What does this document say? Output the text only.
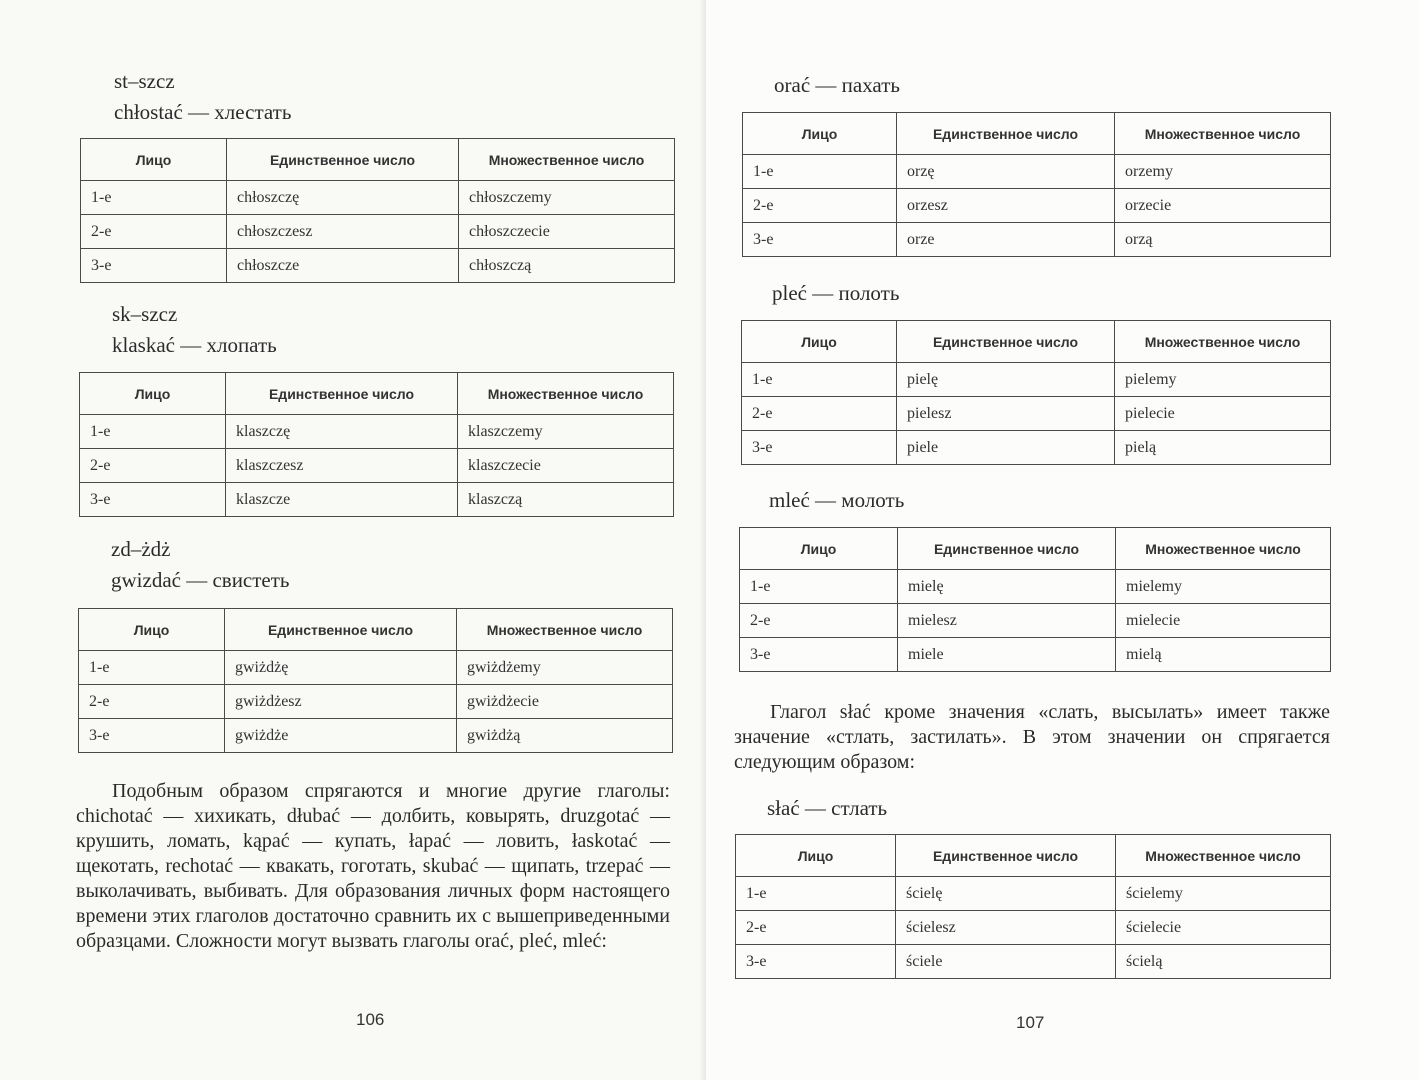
st–szcz
chłostać — хлестать
Лицо	Единственное число	Множественное число
1-е	chłoszczę	chłoszczemy
2-е	chłoszczesz	chłoszczecie
3-е	chłoszcze	chłoszczą
sk–szcz
klaskać — хлопать
Лицо	Единственное число	Множественное число
1-е	klaszczę	klaszczemy
2-е	klaszczesz	klaszczecie
3-е	klaszcze	klaszczą
zd–żdż
gwizdać — свистеть
Лицо	Единственное число	Множественное число
1-е	gwiżdżę	gwiżdżemy
2-е	gwiżdżesz	gwiżdżecie
3-е	gwiżdże	gwiżdżą
Подобным образом спрягаются и многие другие глаголы: chichotać — хихикать, dłubać — долбить, ковырять, druzgotać — крушить, ломать, kąpać — купать, łapać — ловить, łaskotać — щекотать, rechotać — квакать, гоготать, skubać — щипать, trzepać — выколачивать, выбивать. Для образования личных форм настоящего времени этих глаголов достаточно сравнить их с вышеприведенными образцами. Сложности могут вызвать глаголы orać, pleć, mleć:
106
orać — пахать
Лицо	Единственное число	Множественное число
1-е	orzę	orzemy
2-е	orzesz	orzecie
3-е	orze	orzą
pleć — полоть
Лицо	Единственное число	Множественное число
1-е	pielę	pielemy
2-е	pielesz	pielecie
3-е	piele	pielą
mleć — молоть
Лицо	Единственное число	Множественное число
1-е	mielę	mielemy
2-е	mielesz	mielecie
3-е	miele	mielą
Глагол słać кроме значения «слать, высылать» имеет также значение «стлать, застилать». В этом значении он спрягается следующим образом:
słać — стлать
Лицо	Единственное число	Множественное число
1-е	ścielę	ścielemy
2-е	ścielesz	ścielecie
3-е	ściele	ścielą
107
